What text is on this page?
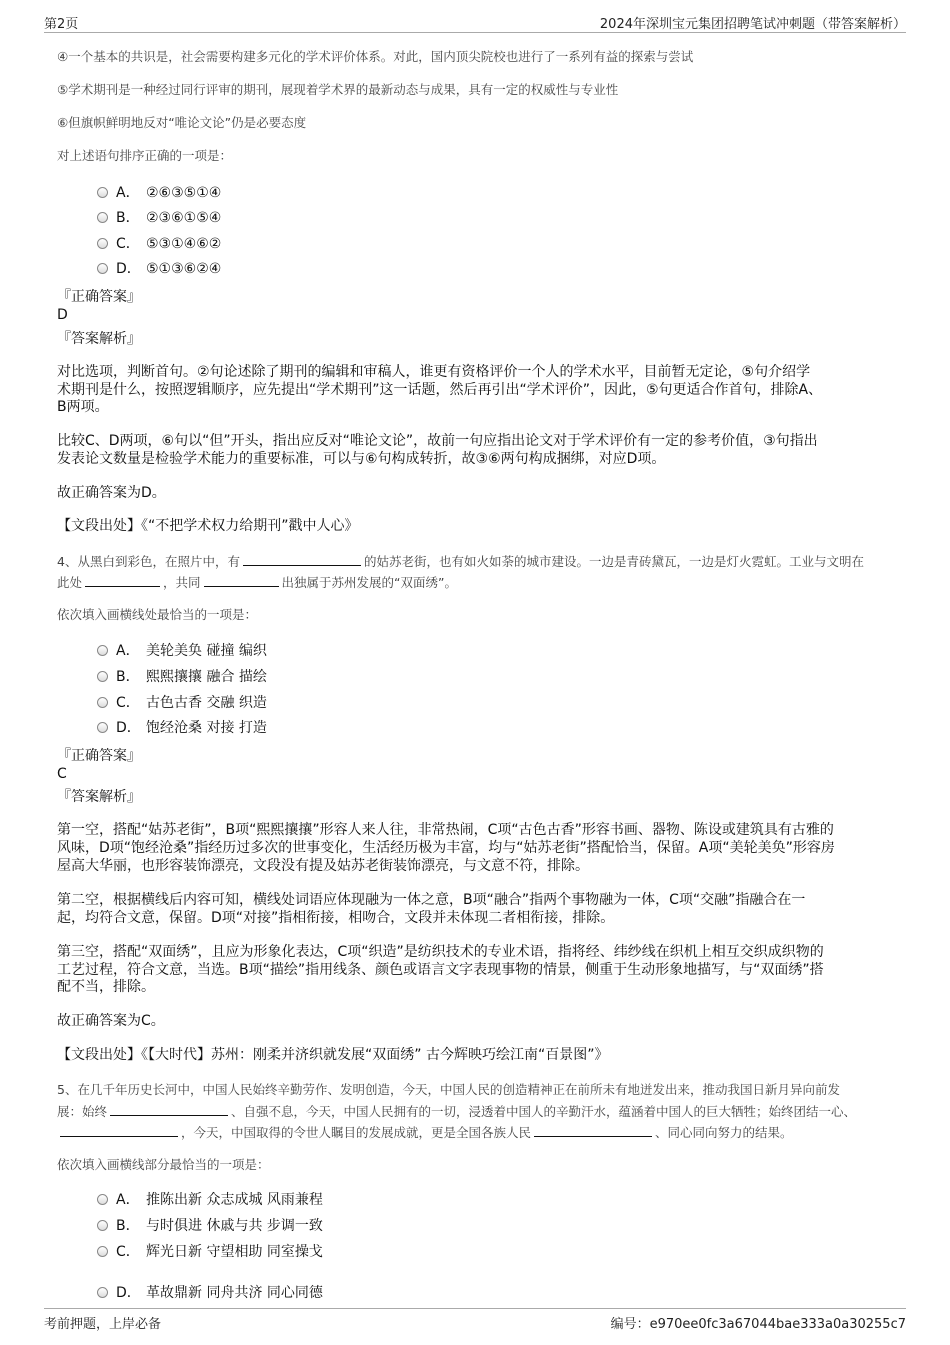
第2页	2024年深圳宝元集团招聘笔试冲刺题（带答案解析）
④一个基本的共识是，社会需要构建多元化的学术评价体系。对此，国内顶尖院校也进行了一系列有益的探索与尝试
⑤学术期刊是一种经过同行评审的期刊，展现着学术界的最新动态与成果，具有一定的权威性与专业性
⑥但旗帜鲜明地反对“唯论文论”仍是必要态度
对上述语句排序正确的一项是：
A． ②⑥③⑤①④
B． ②③⑥①⑤④
C． ⑤③①④⑥②
D． ⑤①③⑥②④
『正确答案』
D
『答案解析』
对比选项，判断首句。②句论述除了期刊的编辑和审稿人，谁更有资格评价一个人的学术水平，目前暂无定论，⑤句介绍学
术期刊是什么，按照逻辑顺序，应先提出“学术期刊”这一话题，然后再引出“学术评价”，因此，⑤句更适合作首句，排除A、
B两项。
比较C、D两项，⑥句以“但”开头，指出应反对“唯论文论”，故前一句应指出论文对于学术评价有一定的参考价值，③句指出
发表论文数量是检验学术能力的重要标准，可以与⑥句构成转折，故③⑥两句构成捆绑，对应D项。
故正确答案为D。
【文段出处】《“不把学术权力给期刊”戳中人心》
4、从黑白到彩色，在照片中，有	的姑苏老街，也有如火如荼的城市建设。一边是青砖黛瓦，一边是灯火霓虹。工业与文明在
此处	，共同	出独属于苏州发展的“双面绣”。
依次填入画横线处最恰当的一项是：
A． 美轮美奂 碰撞 编织
B． 熙熙攘攘 融合 描绘
C． 古色古香 交融 织造
D． 饱经沧桑 对接 打造
『正确答案』
C
『答案解析』
第一空，搭配“姑苏老街”，B项“熙熙攘攘”形容人来人往，非常热闹，C项“古色古香”形容书画、器物、陈设或建筑具有古雅的
风味，D项“饱经沧桑”指经历过多次的世事变化，生活经历极为丰富，均与“姑苏老街”搭配恰当，保留。A项“美轮美奂”形容房
屋高大华丽，也形容装饰漂亮，文段没有提及姑苏老街装饰漂亮，与文意不符，排除。
第二空，根据横线后内容可知，横线处词语应体现融为一体之意，B项“融合”指两个事物融为一体，C项“交融”指融合在一
起，均符合文意，保留。D项“对接”指相衔接，相吻合，文段并未体现二者相衔接，排除。
第三空，搭配“双面绣”，且应为形象化表达，C项“织造”是纺织技术的专业术语，指将经、纬纱线在织机上相互交织成织物的
工艺过程，符合文意，当选。B项“描绘”指用线条、颜色或语言文字表现事物的情景，侧重于生动形象地描写，与“双面绣”搭
配不当，排除。
故正确答案为C。
【文段出处】《【大时代】苏州：刚柔并济织就发展“双面绣” 古今辉映巧绘江南“百景图”》
5、在几千年历史长河中，中国人民始终辛勤劳作、发明创造，今天，中国人民的创造精神正在前所未有地迸发出来，推动我国日新月异向前发
展：始终	、自强不息，今天，中国人民拥有的一切，浸透着中国人的辛勤汗水，蕴涵着中国人的巨大牺牲；始终团结一心、
，今天，中国取得的令世人瞩目的发展成就，更是全国各族人民	、同心同向努力的结果。
依次填入画横线部分最恰当的一项是：
A． 推陈出新 众志成城 风雨兼程
B． 与时俱进 休戚与共 步调一致
C． 辉光日新 守望相助 同室操戈
D． 革故鼎新 同舟共济 同心同德
考前押题，上岸必备	编号：e970ee0fc3a67044bae333a0a30255c7
